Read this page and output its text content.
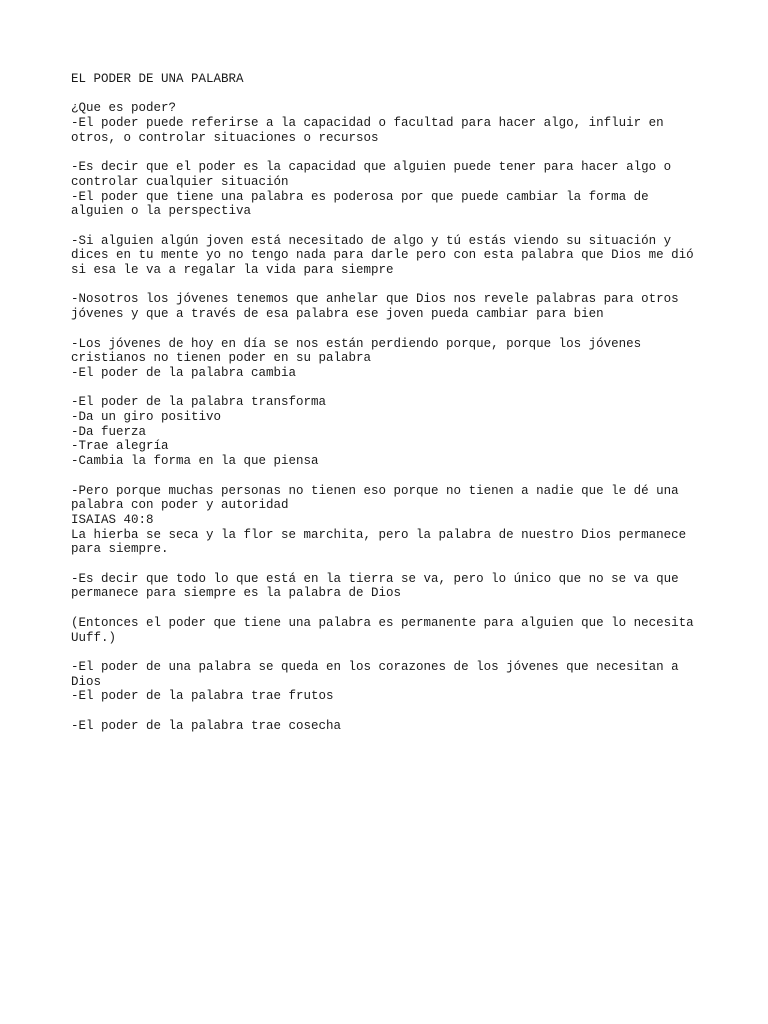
EL PODER DE UNA PALABRA
¿Que es poder?
-El poder puede referirse a la capacidad o facultad para hacer algo, influir en
otros, o controlar situaciones o recursos
-Es decir que el poder es la capacidad que alguien puede tener para hacer algo o
controlar cualquier situación
-El poder que tiene una palabra es poderosa por que puede cambiar la forma de
alguien o la perspectiva
-Si alguien algún joven está necesitado de algo y tú estás viendo su situación y
dices en tu mente yo no tengo nada para darle pero con esta palabra que Dios me dió
si esa le va a regalar la vida para siempre
-Nosotros los jóvenes tenemos que anhelar que Dios nos revele palabras para otros
jóvenes y que a través de esa palabra ese joven pueda cambiar para bien
-Los jóvenes de hoy en día se nos están perdiendo porque, porque los jóvenes
cristianos no tienen poder en su palabra
-El poder de la palabra cambia
-El poder de la palabra transforma
-Da un giro positivo
-Da fuerza
-Trae alegría
-Cambia la forma en la que piensa
-Pero porque muchas personas no tienen eso porque no tienen a nadie que le dé una
palabra con poder y autoridad
ISAIAS 40:8
La hierba se seca y la flor se marchita, pero la palabra de nuestro Dios permanece
para siempre.
-Es decir que todo lo que está en la tierra se va, pero lo único que no se va quе
permanece para siempre es la palabra de Dios
(Entonces el poder que tiene una palabra es permanente para alguien que lo necesita
Uuff.)
-El poder de una palabra se queda en los corazones de los jóvenes que necesitan a
Dios
-El poder de la palabra trae frutos
-El poder de la palabra trae cosecha
